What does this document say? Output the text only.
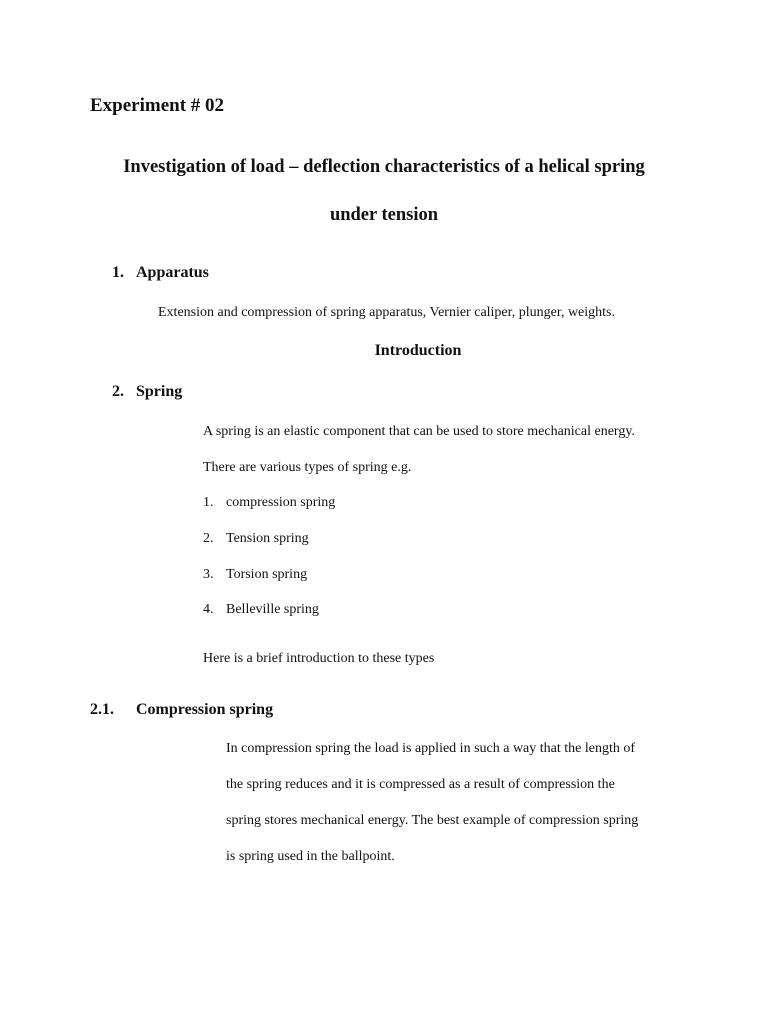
Experiment # 02
Investigation of load – deflection characteristics of a helical spring
under tension
1. Apparatus
Extension and compression of spring apparatus, Vernier caliper, plunger, weights.
Introduction
2. Spring
A spring is an elastic component that can be used to store mechanical energy.
There are various types of spring e.g.
1. compression spring
2. Tension spring
3. Torsion spring
4. Belleville spring
Here is a brief introduction to these types
2.1. Compression spring
In compression spring the load is applied in such a way that the length of
the spring reduces and it is compressed as a result of compression the
spring stores mechanical energy. The best example of compression spring
is spring used in the ballpoint.
